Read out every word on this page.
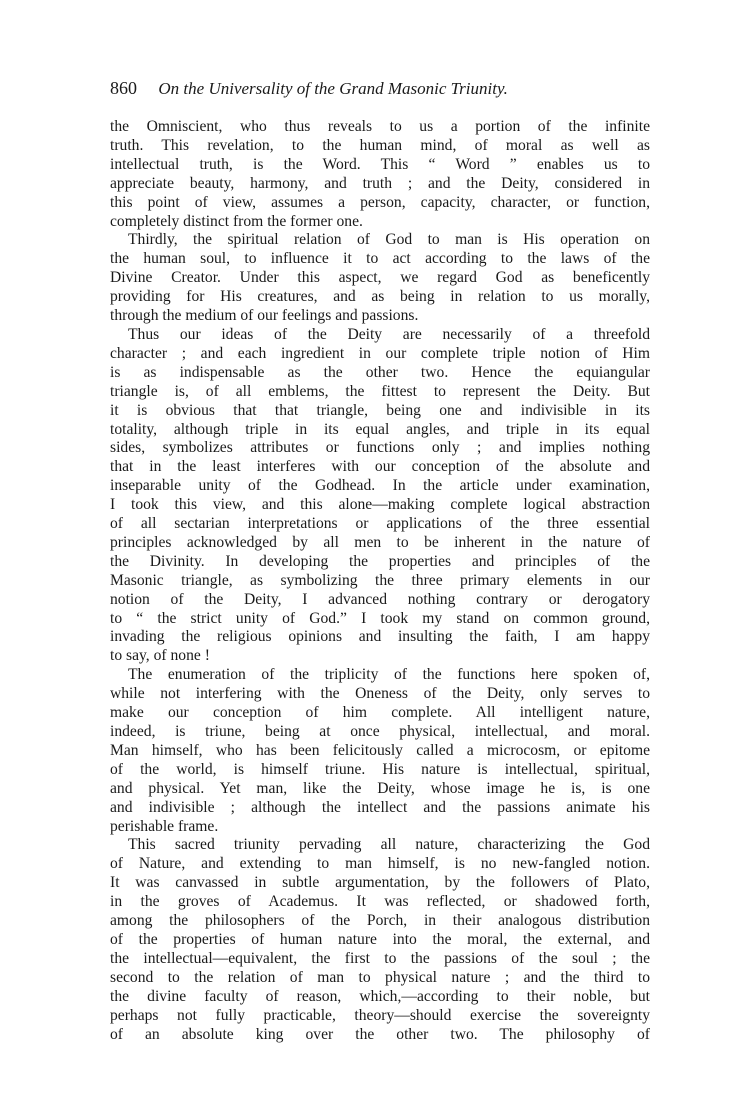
860 On the Universality of the Grand Masonic Triunity.
the Omniscient, who thus reveals to us a portion of the infinite
truth. This revelation, to the human mind, of moral as well as
intellectual truth, is the Word. This “ Word ” enables us to
appreciate beauty, harmony, and truth ; and the Deity, considered in
this point of view, assumes a person, capacity, character, or function,
completely distinct from the former one.
Thirdly, the spiritual relation of God to man is His operation on
the human soul, to influence it to act according to the laws of the
Divine Creator. Under this aspect, we regard God as beneficently
providing for His creatures, and as being in relation to us morally,
through the medium of our feelings and passions.
Thus our ideas of the Deity are necessarily of a threefold
character ; and each ingredient in our complete triple notion of Him
is as indispensable as the other two. Hence the equiangular
triangle is, of all emblems, the fittest to represent the Deity. But
it is obvious that that triangle, being one and indivisible in its
totality, although triple in its equal angles, and triple in its equal
sides, symbolizes attributes or functions only ; and implies nothing
that in the least interferes with our conception of the absolute and
inseparable unity of the Godhead. In the article under examination,
I took this view, and this alone—making complete logical abstraction
of all sectarian interpretations or applications of the three essential
principles acknowledged by all men to be inherent in the nature of
the Divinity. In developing the properties and principles of the
Masonic triangle, as symbolizing the three primary elements in our
notion of the Deity, I advanced nothing contrary or derogatory
to “ the strict unity of God.” I took my stand on common ground,
invading the religious opinions and insulting the faith, I am happy
to say, of none !
The enumeration of the triplicity of the functions here spoken of,
while not interfering with the Oneness of the Deity, only serves to
make our conception of him complete. All intelligent nature,
indeed, is triune, being at once physical, intellectual, and moral.
Man himself, who has been felicitously called a microcosm, or epitome
of the world, is himself triune. His nature is intellectual, spiritual,
and physical. Yet man, like the Deity, whose image he is, is one
and indivisible ; although the intellect and the passions animate his
perishable frame.
This sacred triunity pervading all nature, characterizing the God
of Nature, and extending to man himself, is no new-fangled notion.
It was canvassed in subtle argumentation, by the followers of Plato,
in the groves of Academus. It was reflected, or shadowed forth,
among the philosophers of the Porch, in their analogous distribution
of the properties of human nature into the moral, the external, and
the intellectual—equivalent, the first to the passions of the soul ; the
second to the relation of man to physical nature ; and the third to
the divine faculty of reason, which,—according to their noble, but
perhaps not fully practicable, theory—should exercise the sovereignty
of an absolute king over the other two. The philosophy of
